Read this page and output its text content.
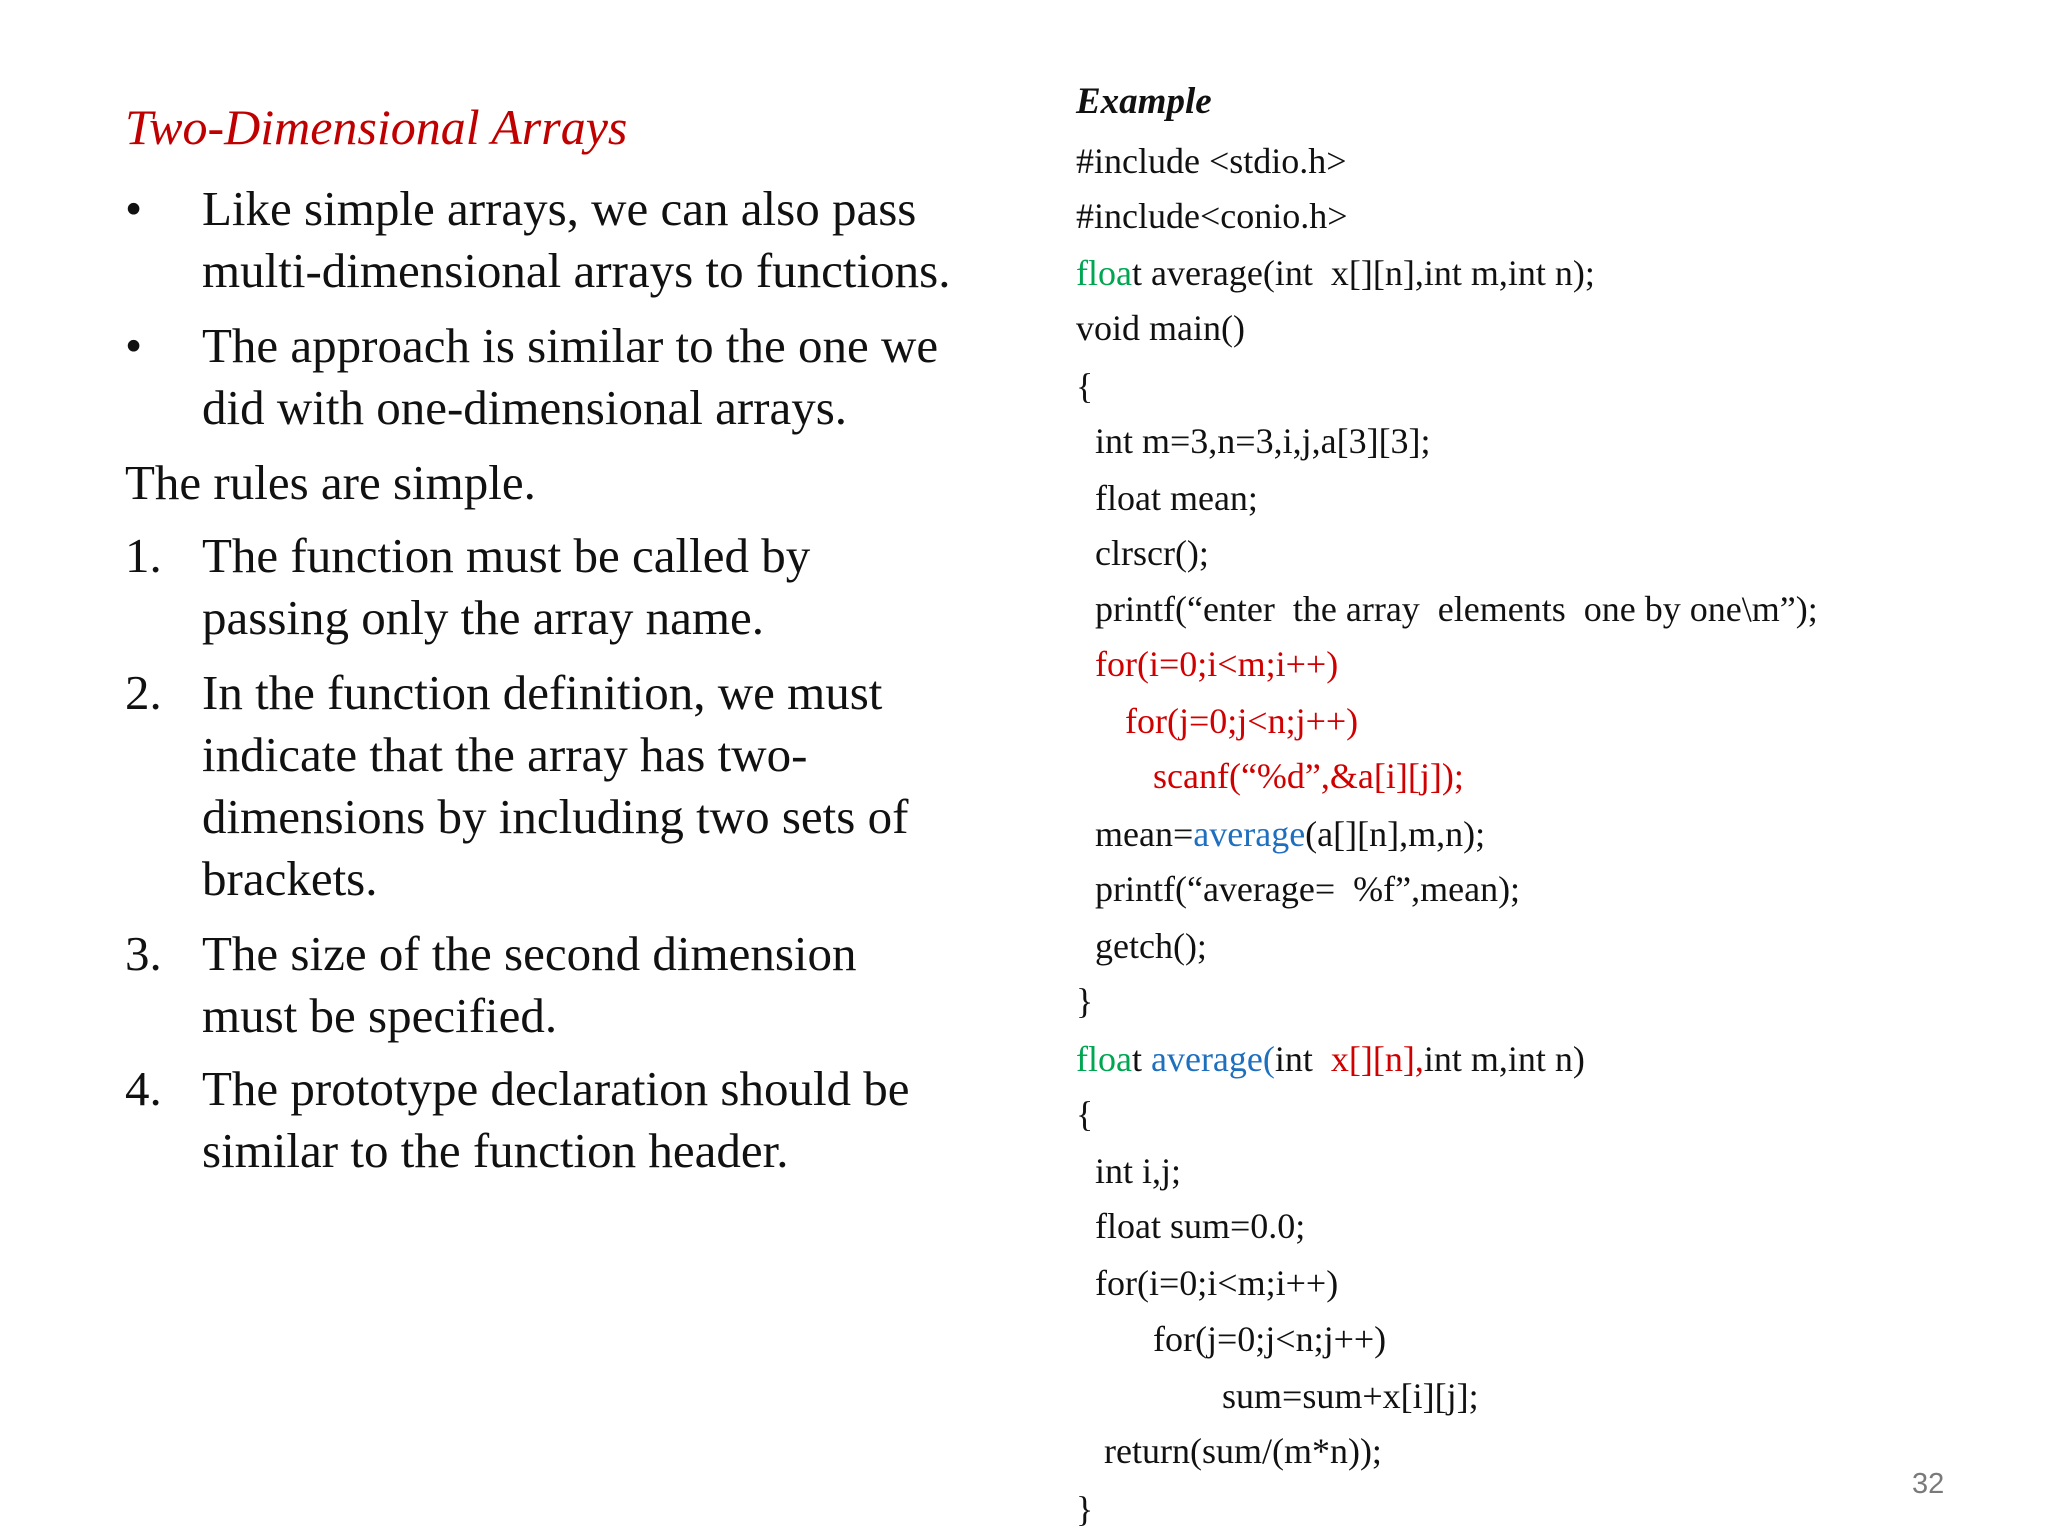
Two-Dimensional Arrays
•	Like simple arrays, we can also pass
multi-dimensional arrays to functions.
•	The approach is similar to the one we
did with one-dimensional arrays.
The rules are simple.
1. The function must be called by
passing only the array name.
2. In the function definition, we must
indicate that the array has two-
dimensions by including two sets of
brackets.
3. The size of the second dimension
must be specified.
4. The prototype declaration should be
similar to the function header.
Example
#include <stdio.h>
#include<conio.h>
float average(int  x[][n],int m,int n);
void main()
{
int m=3,n=3,i,j,a[3][3];
float mean;
clrscr();
printf(“enter  the array  elements  one by one\m”);
for(i=0;i<m;i++)
for(j=0;j<n;j++)
scanf(“%d”,&a[i][j]);
mean=average(a[][n],m,n);
printf(“average=  %f”,mean);
getch();
}
float average(int  x[][n],int m,int n)
{
int i,j;
float sum=0.0;
for(i=0;i<m;i++)
for(j=0;j<n;j++)
sum=sum+x[i][j];
return(sum/(m*n));
}
32
